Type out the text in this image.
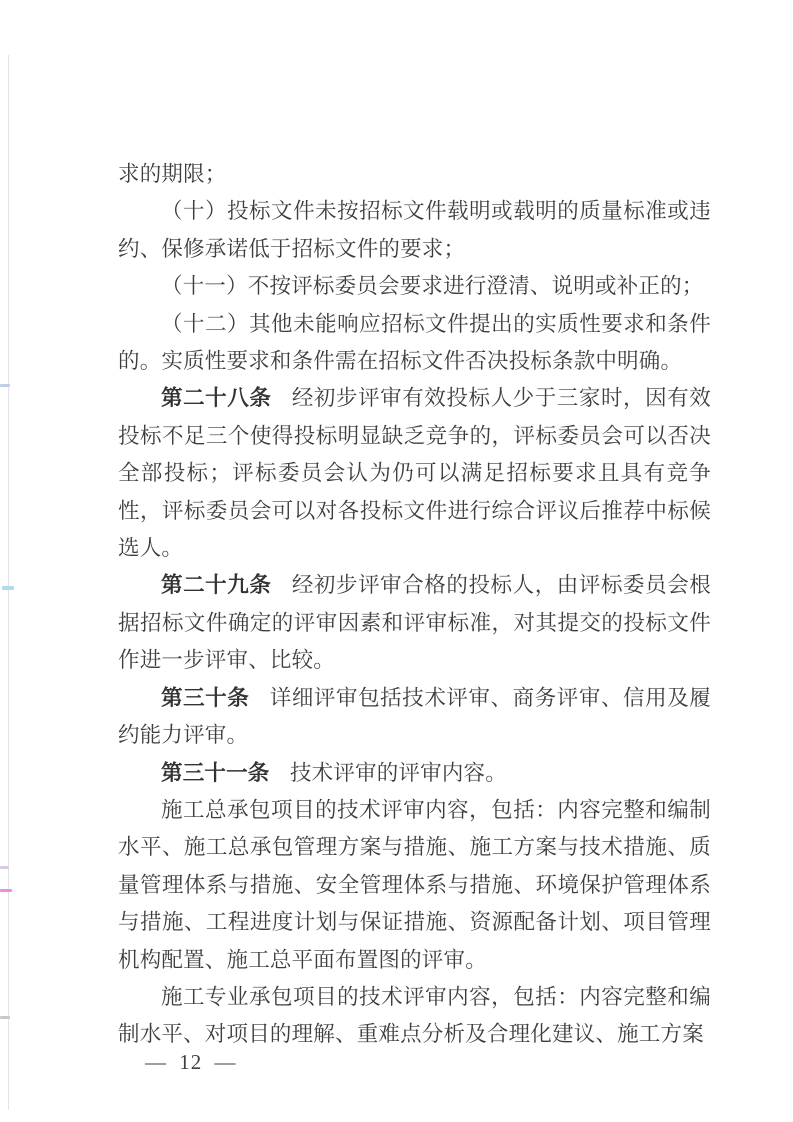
求的期限；

（十）投标文件未按招标文件载明或载明的质量标准或违约、保修承诺低于招标文件的要求；

（十一）不按评标委员会要求进行澄清、说明或补正的；

（十二）其他未能响应招标文件提出的实质性要求和条件的。实质性要求和条件需在招标文件否决投标条款中明确。

第二十八条 经初步评审有效投标人少于三家时，因有效投标不足三个使得投标明显缺乏竞争的，评标委员会可以否决全部投标；评标委员会认为仍可以满足招标要求且具有竞争性，评标委员会可以对各投标文件进行综合评议后推荐中标候选人。

第二十九条 经初步评审合格的投标人，由评标委员会根据招标文件确定的评审因素和评审标准，对其提交的投标文件作进一步评审、比较。

第三十条 详细评审包括技术评审、商务评审、信用及履约能力评审。

第三十一条 技术评审的评审内容。

施工总承包项目的技术评审内容，包括：内容完整和编制水平、施工总承包管理方案与措施、施工方案与技术措施、质量管理体系与措施、安全管理体系与措施、环境保护管理体系与措施、工程进度计划与保证措施、资源配备计划、项目管理机构配置、施工总平面布置图的评审。

施工专业承包项目的技术评审内容，包括：内容完整和编制水平、对项目的理解、重难点分析及合理化建议、施工方案

— 12 —
